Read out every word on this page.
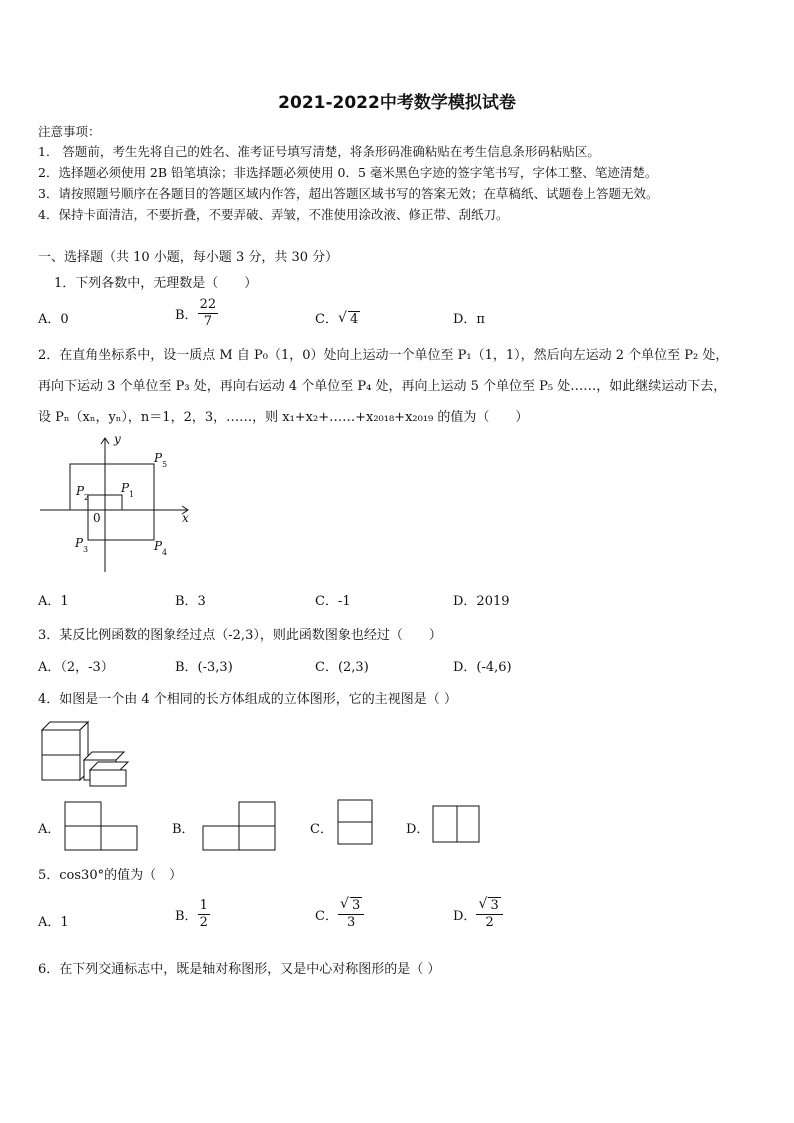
2021-2022中考数学模拟试卷
注意事项：
1． 答题前，考生先将自己的姓名、准考证号填写清楚，将条形码准确粘贴在考生信息条形码粘贴区。
2．选择题必须使用 2B 铅笔填涂；非选择题必须使用 0．5 毫米黑色字迹的签字笔书写，字体工整、笔迹清楚。
3．请按照题号顺序在各题目的答题区域内作答，超出答题区域书写的答案无效；在草稿纸、试题卷上答题无效。
4．保持卡面清洁，不要折叠，不要弄破、弄皱，不准使用涂改液、修正带、刮纸刀。
一、选择题（共 10 小题，每小题 3 分，共 30 分）
1．下列各数中，无理数是（　　）
A．0	B． $\frac{22}{7}$	C． √ 4	D．π
2．在直角坐标系中，设一质点 M 自 P₀（1，0）处向上运动一个单位至 P₁（1，1），然后向左运动 2 个单位至 P₂ 处，
再向下运动 3 个单位至 P₃ 处，再向右运动 4 个单位至 P₄ 处，再向上运动 5 个单位至 P₅ 处……，如此继续运动下去，
设 Pₙ（xₙ，yₙ），n＝1，2，3，……，则 x₁+x₂+……+x₂₀₁₈+x₂₀₁₉ 的值为（　　）
y
x
0
P 1
P 2
P 3	P 4
P 5
A．1	B．3	C．-1	D．2019
3．某反比例函数的图象经过点（-2,3），则此函数图象也经过（　　）
A．（2，-3）	B．(-3,3)	C．(2,3)	D．(-4,6)
4．如图是一个由 4 个相同的长方体组成的立体图形，它的主视图是（ ）
A．	B．	C．	D．
5．cos30°的值为（　）
A．1	B． $\frac{1}{2}$	C． √ $\frac{3}{3}$	D． √ $\frac{3}{2}$
6．在下列交通标志中，既是轴对称图形，又是中心对称图形的是（ ）
